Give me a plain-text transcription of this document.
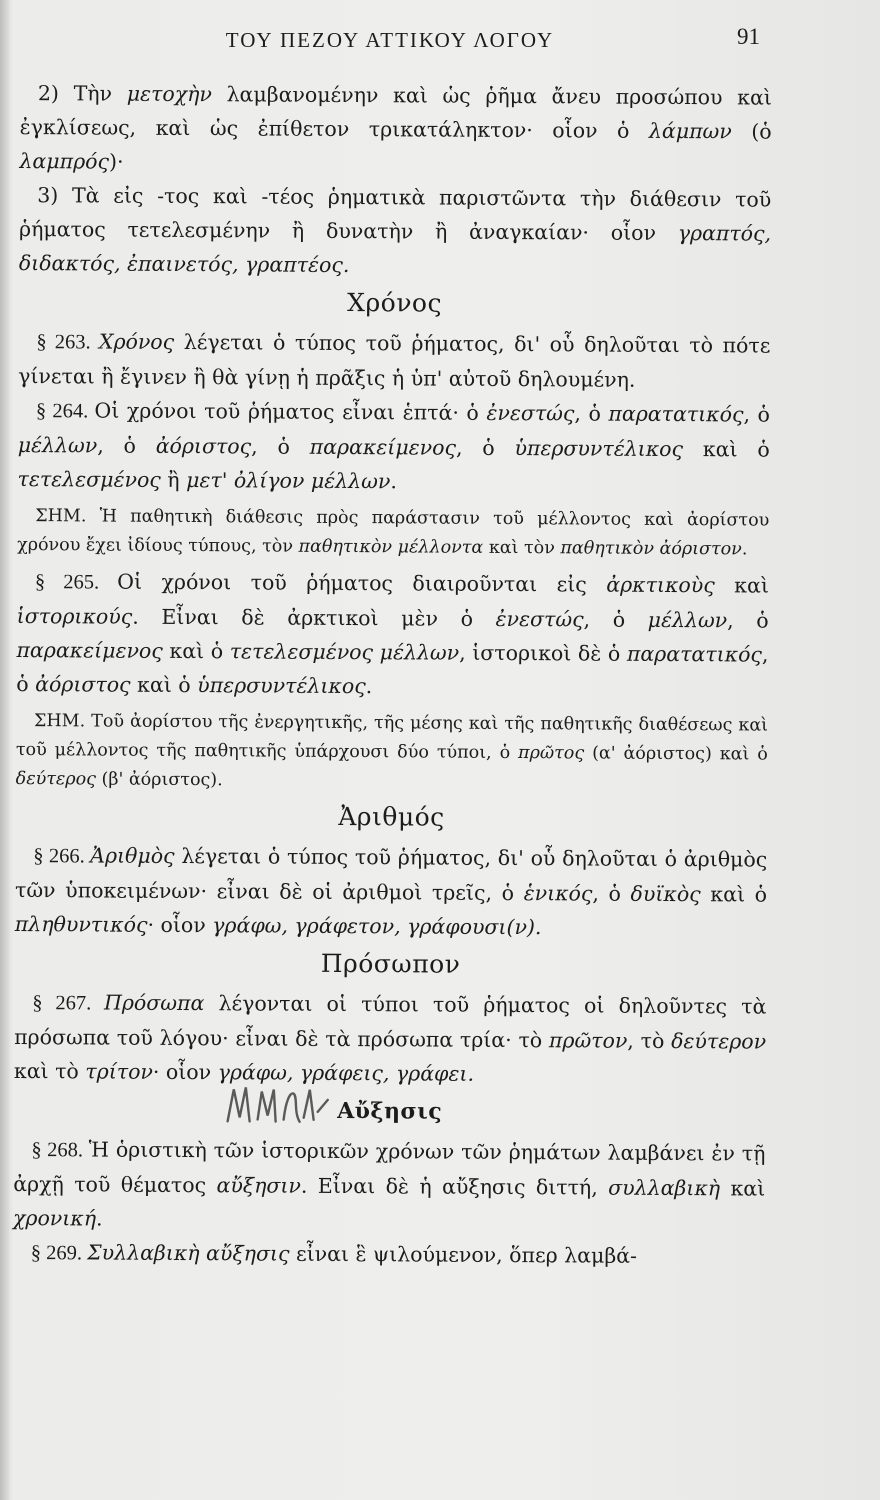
ΤΟΥ ΠΕΖΟΥ ΑΤΤΙΚΟΥ ΛΟΓΟΥ	91

2) Τὴν μετοχὴν λαμβανομένην καὶ ὡς ῥῆμα ἄνευ προσώπου καὶ ἐγκλίσεως, καὶ ὡς ἐπίθετον τρικατάληκτον· οἷον ὁ λάμπων (ὁ λαμπρός)·

3) Τὰ εἰς -τος καὶ -τέος ῥηματικὰ παριστῶντα τὴν διάθεσιν τοῦ ῥήματος τετελεσμένην ἢ δυνατὴν ἢ ἀναγκαίαν· οἷον γραπτός, διδακτός, ἐπαινετός, γραπτέος.

Χρόνος

§ 263. Χρόνος λέγεται ὁ τύπος τοῦ ῥήματος, δι' οὗ δηλοῦται τὸ πότε γίνεται ἢ ἔγινεν ἢ θὰ γίνῃ ἡ πρᾶξις ἡ ὑπ' αὐτοῦ δηλουμένη.

§ 264. Οἱ χρόνοι τοῦ ῥήματος εἶναι ἑπτά· ὁ ἐνεστώς, ὁ παρατατικός, ὁ μέλλων, ὁ ἀόριστος, ὁ παρακείμενος, ὁ ὑπερσυντέλικος καὶ ὁ τετελεσμένος ἢ μετ' ὀλίγον μέλλων.

ΣΗΜ. Ἡ παθητικὴ διάθεσις πρὸς παράστασιν τοῦ μέλλοντος καὶ ἀορίστου χρόνου ἔχει ἰδίους τύπους, τὸν παθητικὸν μέλλοντα καὶ τὸν παθητικὸν ἀόριστον.

§ 265. Οἱ χρόνοι τοῦ ῥήματος διαιροῦνται εἰς ἀρκτικοὺς καὶ ἱστορικούς. Εἶναι δὲ ἀρκτικοὶ μὲν ὁ ἐνεστώς, ὁ μέλλων, ὁ παρακείμενος καὶ ὁ τετελεσμένος μέλλων, ἱστορικοὶ δὲ ὁ παρατατικός, ὁ ἀόριστος καὶ ὁ ὑπερσυντέλικος.

ΣΗΜ. Τοῦ ἀορίστου τῆς ἐνεργητικῆς, τῆς μέσης καὶ τῆς παθητικῆς διαθέσεως καὶ τοῦ μέλλοντος τῆς παθητικῆς ὑπάρχουσι δύο τύποι, ὁ πρῶτος (α' ἀόριστος) καὶ ὁ δεύτερος (β' ἀόριστος).

Ἀριθμός

§ 266. Ἀριθμὸς λέγεται ὁ τύπος τοῦ ῥήματος, δι' οὗ δηλοῦται ὁ ἀριθμὸς τῶν ὑποκειμένων· εἶναι δὲ οἱ ἀριθμοὶ τρεῖς, ὁ ἑνικός, ὁ δυϊκὸς καὶ ὁ πληθυντικός· οἷον γράφω, γράφετον, γράφουσι(ν).

Πρόσωπον

§ 267. Πρόσωπα λέγονται οἱ τύποι τοῦ ῥήματος οἱ δηλοῦντες τὰ πρόσωπα τοῦ λόγου· εἶναι δὲ τὰ πρόσωπα τρία· τὸ πρῶτον, τὸ δεύτερον καὶ τὸ τρίτον· οἷον γράφω, γράφεις, γράφει.

Αὔξησις

§ 268. Ἡ ὁριστικὴ τῶν ἱστορικῶν χρόνων τῶν ῥημάτων λαμβάνει ἐν τῇ ἀρχῇ τοῦ θέματος αὔξησιν. Εἶναι δὲ ἡ αὔξησις διττή, συλλαβικὴ καὶ χρονική.

§ 269. Συλλαβικὴ αὔξησις εἶναι ἓ ψιλούμενον, ὅπερ λαμβά-
